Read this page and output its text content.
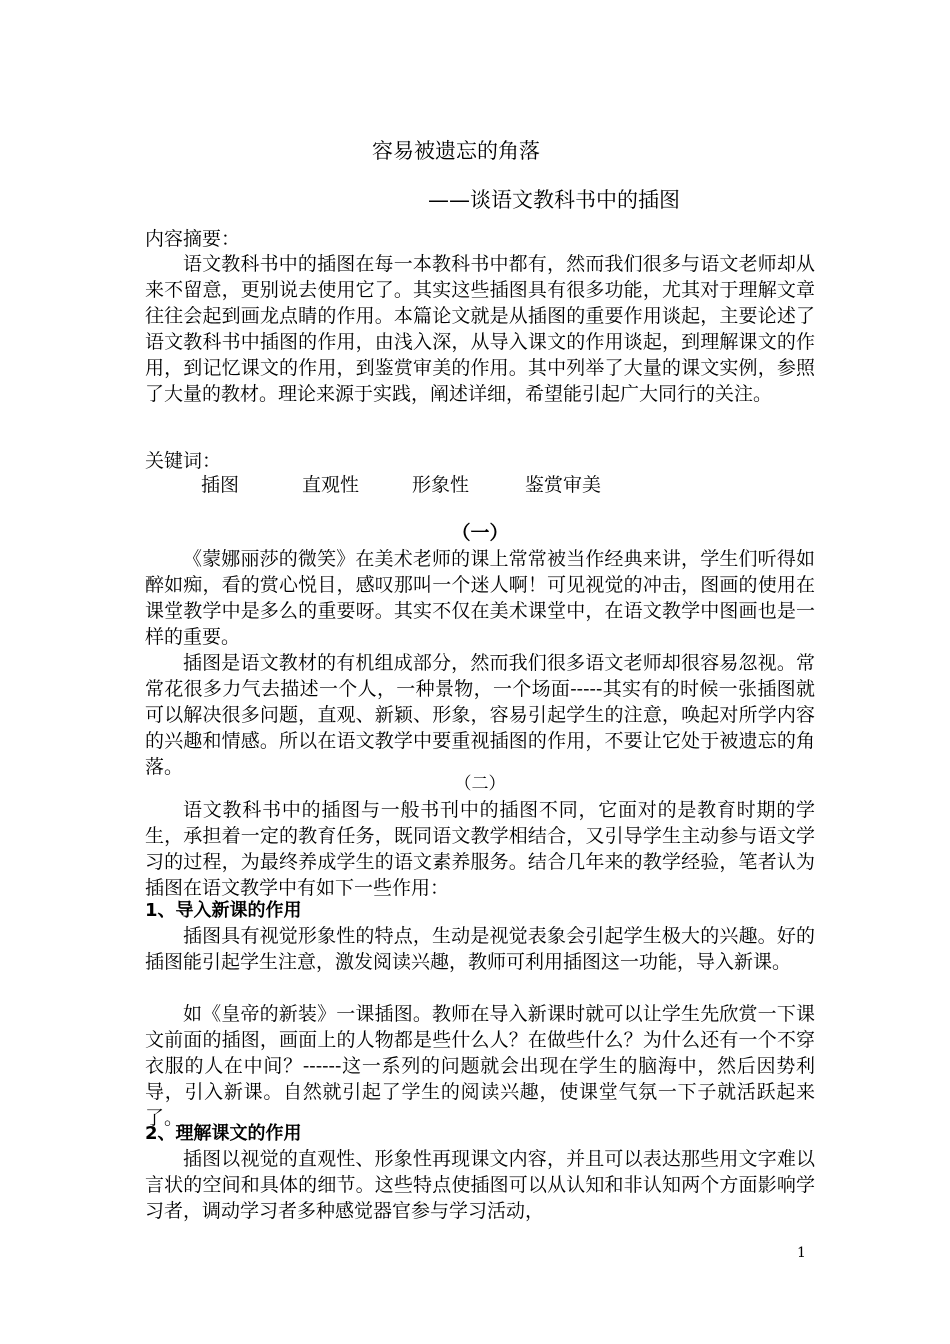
容易被遗忘的角落
——谈语文教科书中的插图
内容摘要：
语文教科书中的插图在每一本教科书中都有，然而我们很多与语文老师却从来不留意，更别说去使用它了。其实这些插图具有很多功能，尤其对于理解文章往往会起到画龙点睛的作用。本篇论文就是从插图的重要作用谈起，主要论述了语文教科书中插图的作用，由浅入深，从导入课文的作用谈起，到理解课文的作用，到记忆课文的作用，到鉴赏审美的作用。其中列举了大量的课文实例，参照了大量的教材。理论来源于实践，阐述详细，希望能引起广大同行的关注。
关键词：
插图	直观性	形象性	鉴赏审美
（一）
《蒙娜丽莎的微笑》在美术老师的课上常常被当作经典来讲，学生们听得如醉如痴，看的赏心悦目，感叹那叫一个迷人啊！可见视觉的冲击，图画的使用在课堂教学中是多么的重要呀。其实不仅在美术课堂中，在语文教学中图画也是一样的重要。
插图是语文教材的有机组成部分，然而我们很多语文老师却很容易忽视。常常花很多力气去描述一个人，一种景物，一个场面-----其实有的时候一张插图就可以解决很多问题，直观、新颖、形象，容易引起学生的注意，唤起对所学内容的兴趣和情感。所以在语文教学中要重视插图的作用，不要让它处于被遗忘的角落。
（二）
语文教科书中的插图与一般书刊中的插图不同，它面对的是教育时期的学生，承担着一定的教育任务，既同语文教学相结合，又引导学生主动参与语文学习的过程，为最终养成学生的语文素养服务。结合几年来的教学经验，笔者认为插图在语文教学中有如下一些作用：
1、导入新课的作用
插图具有视觉形象性的特点，生动是视觉表象会引起学生极大的兴趣。好的插图能引起学生注意，激发阅读兴趣，教师可利用插图这一功能，导入新课。
如《皇帝的新装》一课插图。教师在导入新课时就可以让学生先欣赏一下课文前面的插图，画面上的人物都是些什么人？在做些什么？为什么还有一个不穿衣服的人在中间？------这一系列的问题就会出现在学生的脑海中，然后因势利导，引入新课。自然就引起了学生的阅读兴趣，使课堂气氛一下子就活跃起来了。
2、理解课文的作用
插图以视觉的直观性、形象性再现课文内容，并且可以表达那些用文字难以言状的空间和具体的细节。这些特点使插图可以从认知和非认知两个方面影响学习者，调动学习者多种感觉器官参与学习活动，
1
